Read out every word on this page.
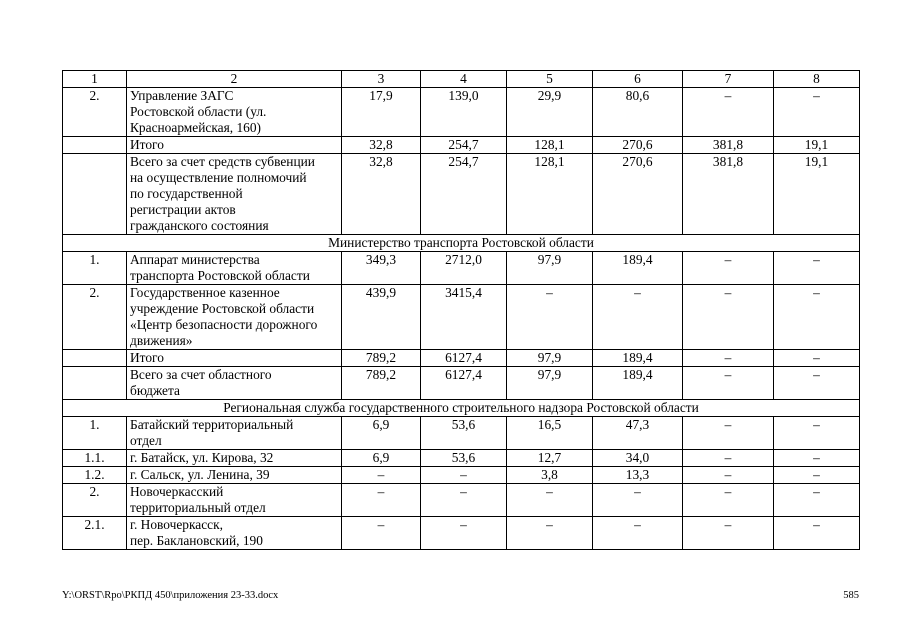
1	2	3	4	5	6	7	8
2.	Управление ЗАГС
Ростовской области (ул.
Красноармейская, 160)	17,9	139,0	29,9	80,6	–	–
	Итого	32,8	254,7	128,1	270,6	381,8	19,1
	Всего за счет средств субвенции
на осуществление полномочий
по государственной
регистрации актов
гражданского состояния	32,8	254,7	128,1	270,6	381,8	19,1
Министерство транспорта Ростовской области							
1.	Аппарат министерства
транспорта Ростовской области	349,3	2712,0	97,9	189,4	–	–
2.	Государственное казенное
учреждение Ростовской области
«Центр безопасности дорожного
движения»	439,9	3415,4	–	–	–	–
	Итого	789,2	6127,4	97,9	189,4	–	–
	Всего за счет областного
бюджета	789,2	6127,4	97,9	189,4	–	–
Региональная служба государственного строительного надзора Ростовской области							
1.	Батайский территориальный
отдел	6,9	53,6	16,5	47,3	–	–
1.1.	г. Батайск, ул. Кирова, 32	6,9	53,6	12,7	34,0	–	–
1.2.	г. Сальск, ул. Ленина, 39	–	–	3,8	13,3	–	–
2.	Новочеркасский
территориальный отдел	–	–	–	–	–	–
2.1.	г. Новочеркасск,
пер. Баклановский, 190	–	–	–	–	–	–
Y:\ORST\Rpo\РКПД 450\приложения 23-33.docx	585
